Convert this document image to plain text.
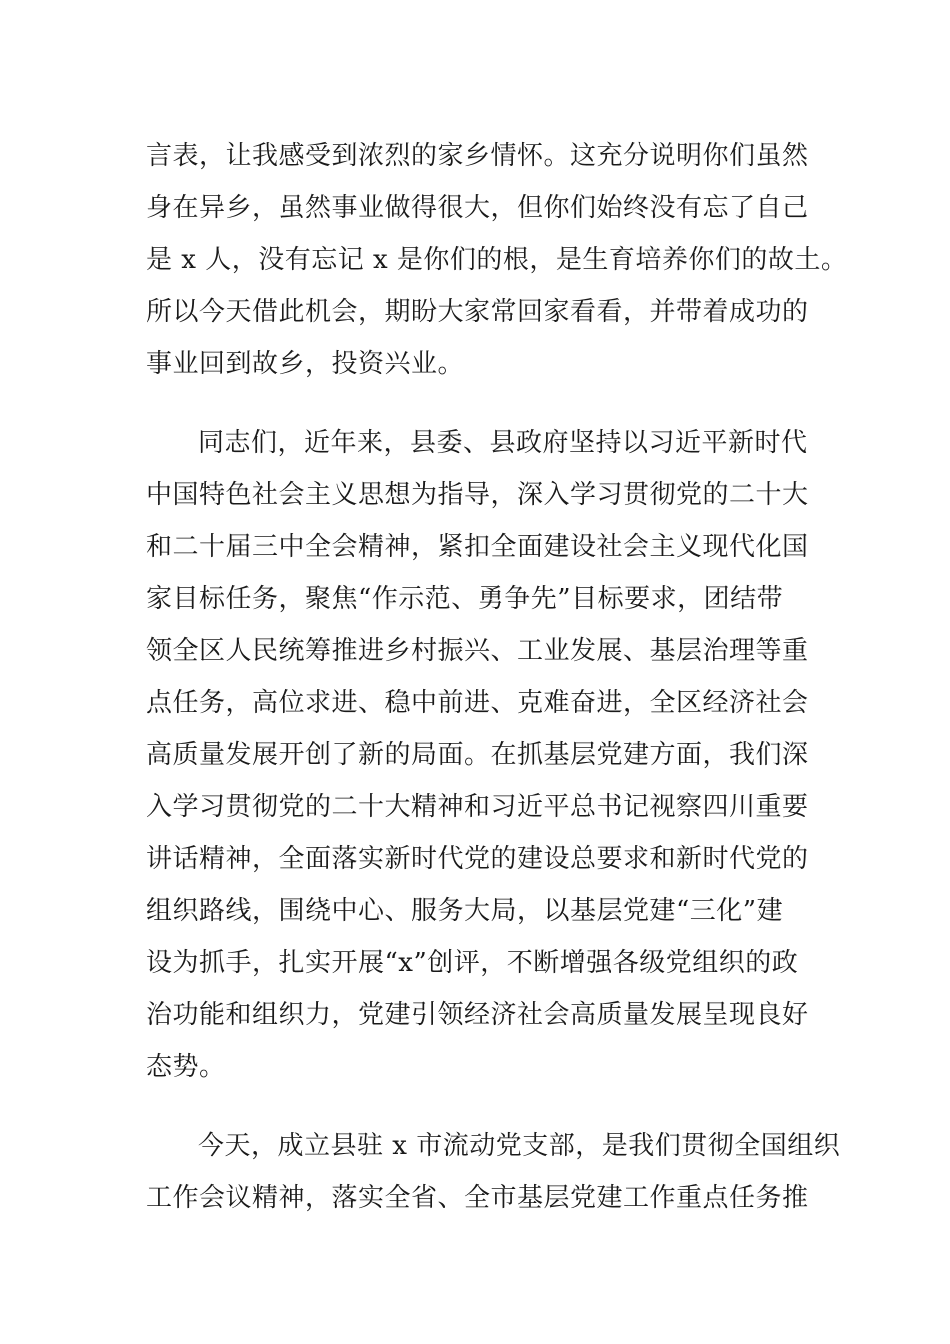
言表，让我感受到浓烈的家乡情怀。这充分说明你们虽然
身在异乡，虽然事业做得很大，但你们始终没有忘了自己
是 x 人，没有忘记 x 是你们的根，是生育培养你们的故土。
所以今天借此机会，期盼大家常回家看看，并带着成功的
事业回到故乡，投资兴业。
同志们，近年来，县委、县政府坚持以习近平新时代
中国特色社会主义思想为指导，深入学习贯彻党的二十大
和二十届三中全会精神，紧扣全面建设社会主义现代化国
家目标任务，聚焦“作示范、勇争先”目标要求，团结带
领全区人民统筹推进乡村振兴、工业发展、基层治理等重
点任务，高位求进、稳中前进、克难奋进，全区经济社会
高质量发展开创了新的局面。在抓基层党建方面，我们深
入学习贯彻党的二十大精神和习近平总书记视察四川重要
讲话精神，全面落实新时代党的建设总要求和新时代党的
组织路线，围绕中心、服务大局，以基层党建“三化”建
设为抓手，扎实开展“x”创评，不断增强各级党组织的政
治功能和组织力，党建引领经济社会高质量发展呈现良好
态势。
今天，成立县驻 x 市流动党支部，是我们贯彻全国组织
工作会议精神，落实全省、全市基层党建工作重点任务推
